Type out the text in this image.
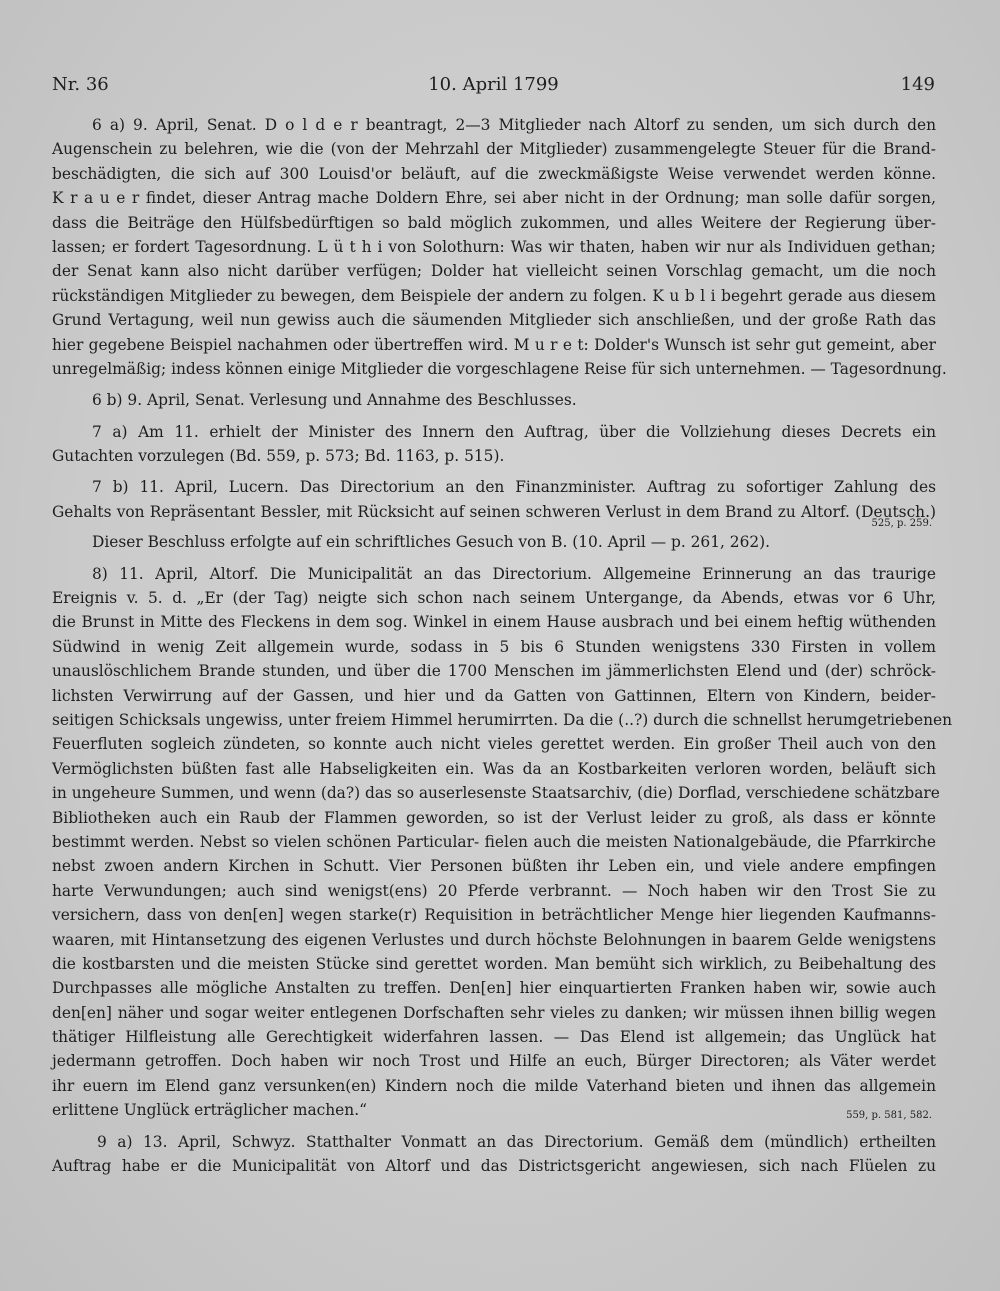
Nr. 36	10. April 1799	149
6 a) 9. April, Senat. D o l d e r beantragt, 2—3 Mitglieder nach Altorf zu senden, um sich durch den
Augenschein zu belehren, wie die (von der Mehrzahl der Mitglieder) zusammengelegte Steuer für die Brand-
beschädigten, die sich auf 300 Louisd'or beläuft, auf die zweckmäßigste Weise verwendet werden könne.
K r a u e r findet, dieser Antrag mache Doldern Ehre, sei aber nicht in der Ordnung; man solle dafür sorgen,
dass die Beiträge den Hülfsbedürftigen so bald möglich zukommen, und alles Weitere der Regierung über-
lassen; er fordert Tagesordnung. L ü t h i von Solothurn: Was wir thaten, haben wir nur als Individuen gethan;
der Senat kann also nicht darüber verfügen; Dolder hat vielleicht seinen Vorschlag gemacht, um die noch
rückständigen Mitglieder zu bewegen, dem Beispiele der andern zu folgen. K u b l i begehrt gerade aus diesem
Grund Vertagung, weil nun gewiss auch die säumenden Mitglieder sich anschließen, und der große Rath das
hier gegebene Beispiel nachahmen oder übertreffen wird. M u r e t: Dolder's Wunsch ist sehr gut gemeint, aber
unregelmäßig; indess können einige Mitglieder die vorgeschlagene Reise für sich unternehmen. — Tagesordnung.
6 b) 9. April, Senat. Verlesung und Annahme des Beschlusses.
7 a) Am 11. erhielt der Minister des Innern den Auftrag, über die Vollziehung dieses Decrets ein
Gutachten vorzulegen (Bd. 559, p. 573; Bd. 1163, p. 515).
7 b) 11. April, Lucern. Das Directorium an den Finanzminister. Auftrag zu sofortiger Zahlung des
Gehalts von Repräsentant Bessler, mit Rücksicht auf seinen schweren Verlust in dem Brand zu Altorf. (Deutsch.)
525, p. 259.
Dieser Beschluss erfolgte auf ein schriftliches Gesuch von B. (10. April — p. 261, 262).
8) 11. April, Altorf. Die Municipalität an das Directorium. Allgemeine Erinnerung an das traurige
Ereignis v. 5. d. „Er (der Tag) neigte sich schon nach seinem Untergange, da Abends, etwas vor 6 Uhr,
die Brunst in Mitte des Fleckens in dem sog. Winkel in einem Hause ausbrach und bei einem heftig wüthenden
Südwind in wenig Zeit allgemein wurde, sodass in 5 bis 6 Stunden wenigstens 330 Firsten in vollem
unauslöschlichem Brande stunden, und über die 1700 Menschen im jämmerlichsten Elend und (der) schröck-
lichsten Verwirrung auf der Gassen, und hier und da Gatten von Gattinnen, Eltern von Kindern, beider-
seitigen Schicksals ungewiss, unter freiem Himmel herumirrten. Da die (..?) durch die schnellst herumgetriebenen
Feuerfluten sogleich zündeten, so konnte auch nicht vieles gerettet werden. Ein großer Theil auch von den
Vermöglichsten büßten fast alle Habseligkeiten ein. Was da an Kostbarkeiten verloren worden, beläuft sich
in ungeheure Summen, und wenn (da?) das so auserlesenste Staatsarchiv, (die) Dorflad, verschiedene schätzbare
Bibliotheken auch ein Raub der Flammen geworden, so ist der Verlust leider zu groß, als dass er könnte
bestimmt werden. Nebst so vielen schönen Particular- fielen auch die meisten Nationalgebäude, die Pfarrkirche
nebst zwoen andern Kirchen in Schutt. Vier Personen büßten ihr Leben ein, und viele andere empfingen
harte Verwundungen; auch sind wenigst(ens) 20 Pferde verbrannt. — Noch haben wir den Trost Sie zu
versichern, dass von den[en] wegen starke(r) Requisition in beträchtlicher Menge hier liegenden Kaufmanns-
waaren, mit Hintansetzung des eigenen Verlustes und durch höchste Belohnungen in baarem Gelde wenigstens
die kostbarsten und die meisten Stücke sind gerettet worden. Man bemüht sich wirklich, zu Beibehaltung des
Durchpasses alle mögliche Anstalten zu treffen. Den[en] hier einquartierten Franken haben wir, sowie auch
den[en] näher und sogar weiter entlegenen Dorfschaften sehr vieles zu danken; wir müssen ihnen billig wegen
thätiger Hilfleistung alle Gerechtigkeit widerfahren lassen. — Das Elend ist allgemein; das Unglück hat
jedermann getroffen. Doch haben wir noch Trost und Hilfe an euch, Bürger Directoren; als Väter werdet
ihr euern im Elend ganz versunken(en) Kindern noch die milde Vaterhand bieten und ihnen das allgemein
erlittene Unglück erträglicher machen.“	559, p. 581, 582.
9 a) 13. April, Schwyz. Statthalter Vonmatt an das Directorium. Gemäß dem (mündlich) ertheilten
Auftrag habe er die Municipalität von Altorf und das Districtsgericht angewiesen, sich nach Flüelen zu
